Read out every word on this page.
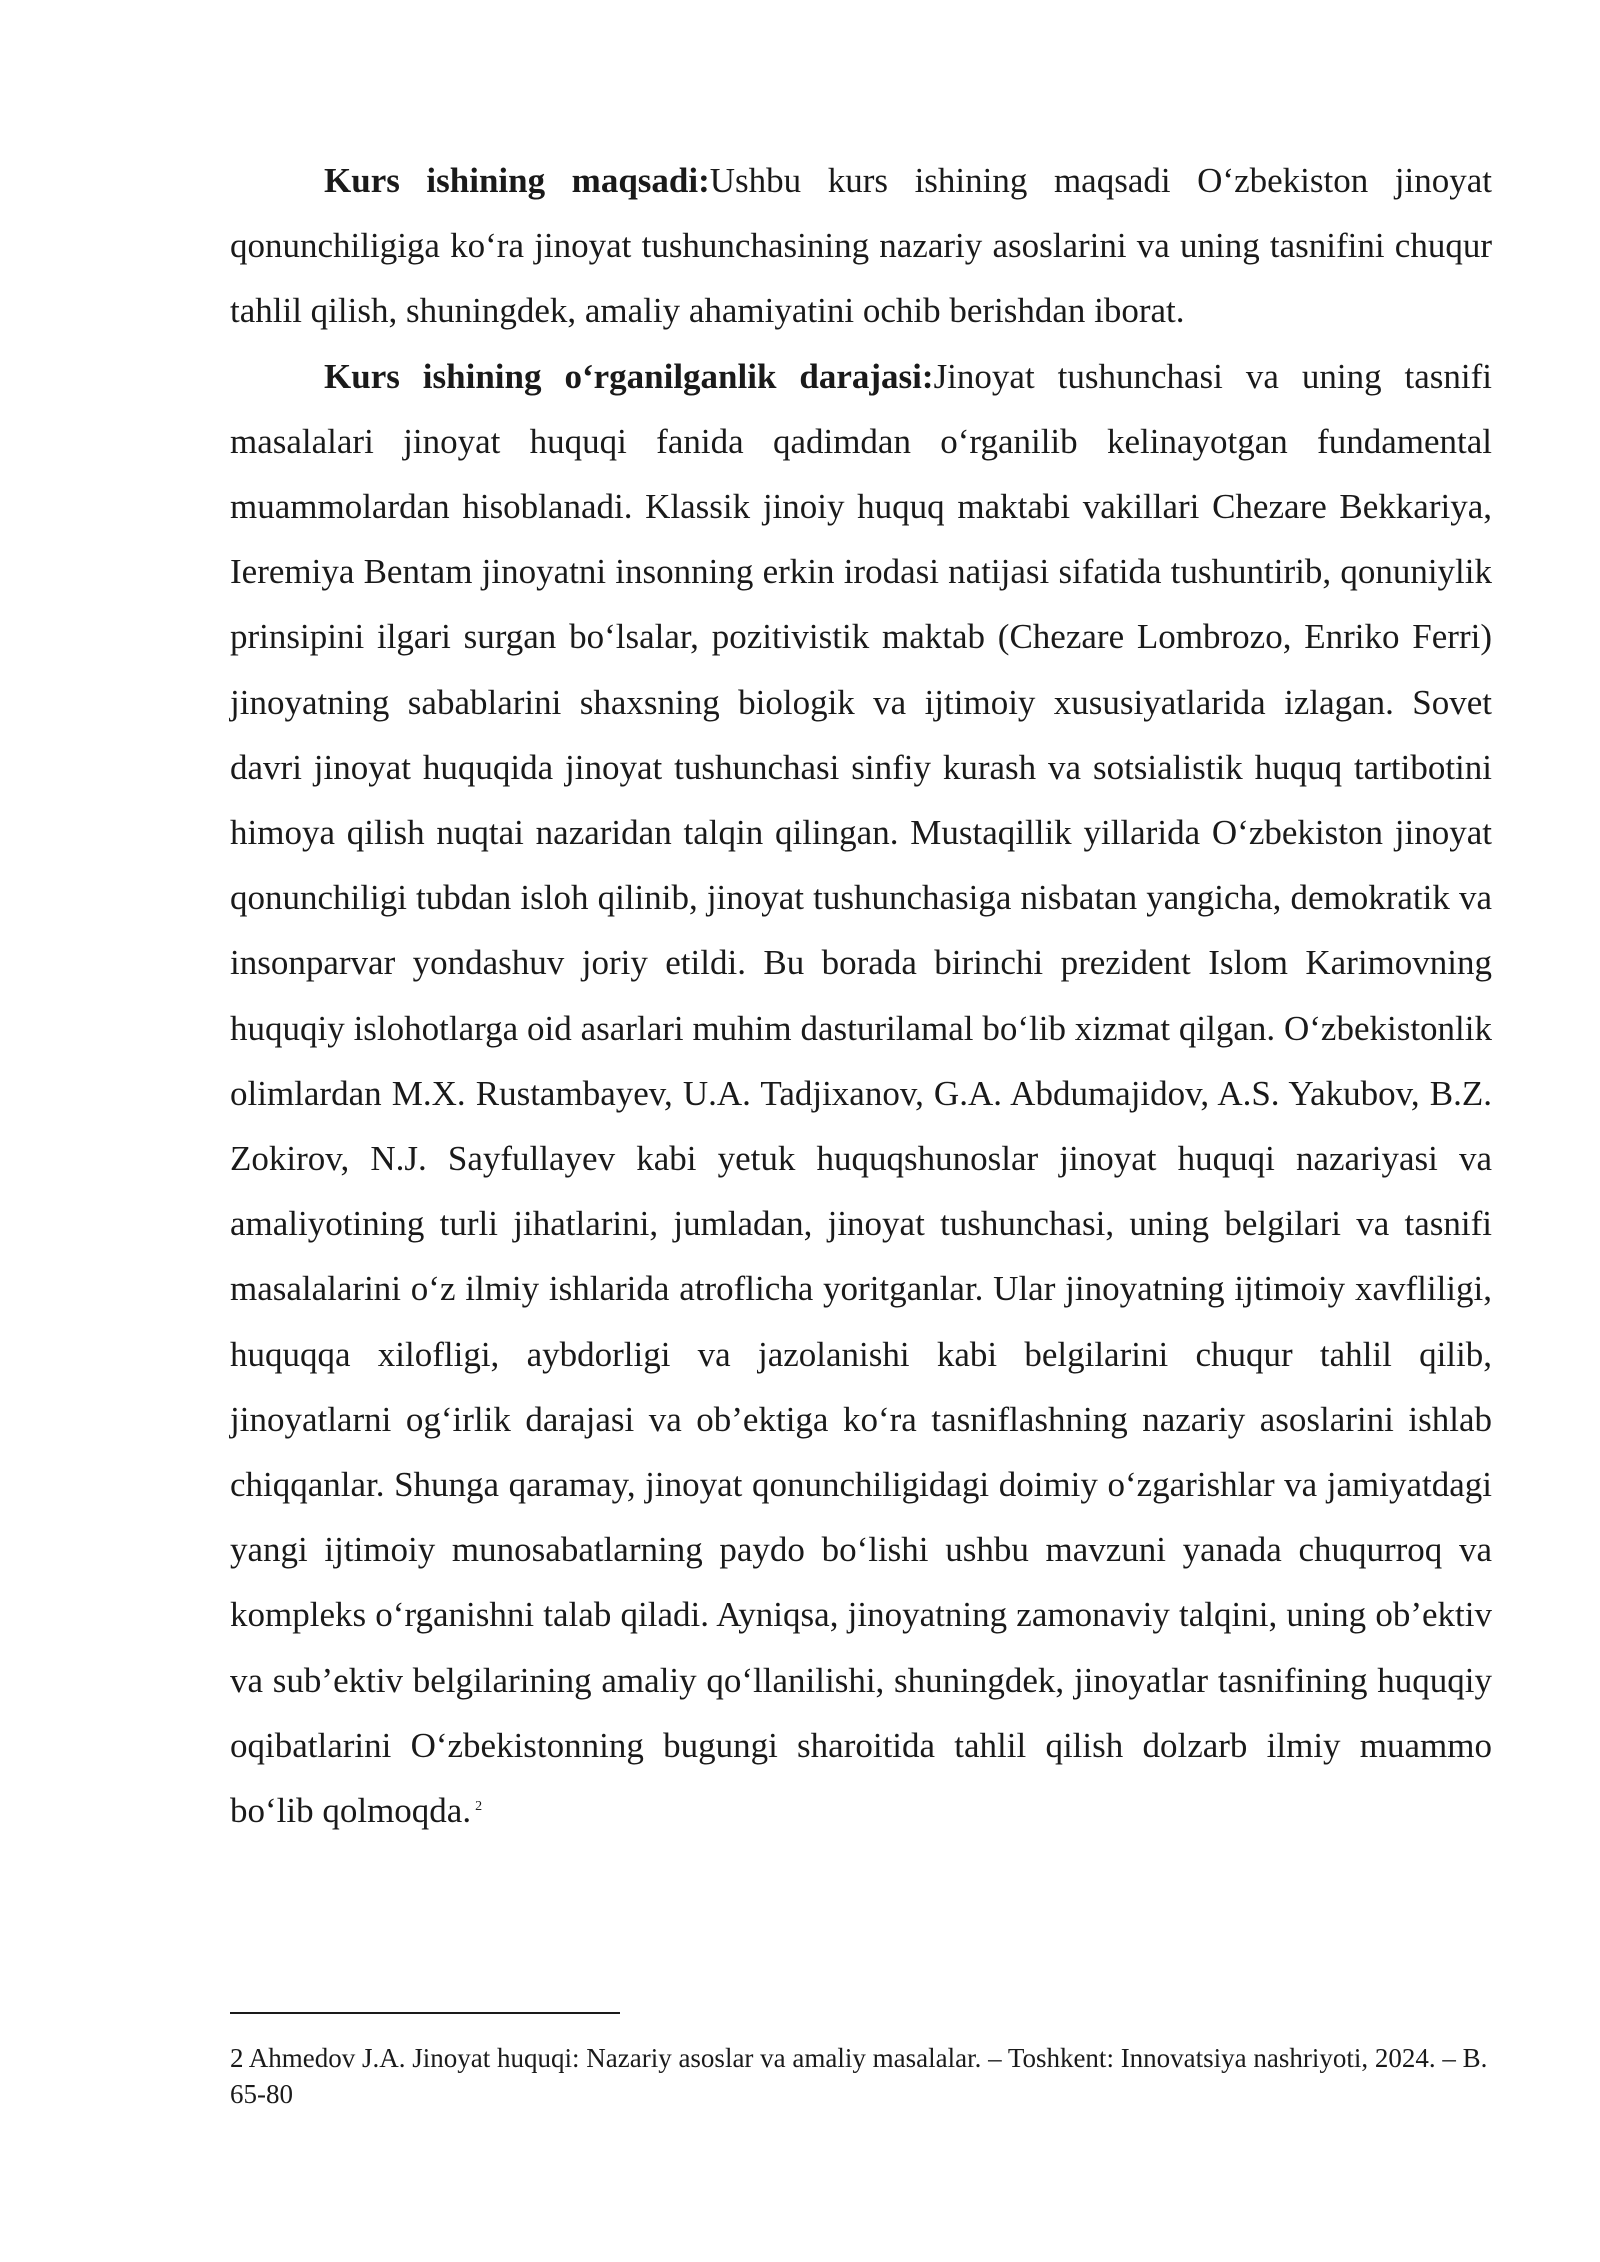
Kurs ishining maqsadi:Ushbu kurs ishining maqsadi O‘zbekiston jinoyat qonunchiligiga ko‘ra jinoyat tushunchasining nazariy asoslarini va uning tasnifini chuqur tahlil qilish, shuningdek, amaliy ahamiyatini ochib berishdan iborat.

Kurs ishining o‘rganilganlik darajasi:Jinoyat tushunchasi va uning tasnifi masalalari jinoyat huquqi fanida qadimdan o‘rganilib kelinayotgan fundamental muammolardan hisoblanadi. Klassik jinoiy huquq maktabi vakillari Chezare Bekkariya, Ieremiya Bentam jinoyatni insonning erkin irodasi natijasi sifatida tushuntirib, qonuniylik prinsipini ilgari surgan bo‘lsalar, pozitivistik maktab (Chezare Lombrozo, Enriko Ferri) jinoyatning sabablarini shaxsning biologik va ijtimoiy xususiyatlarida izlagan. Sovet davri jinoyat huquqida jinoyat tushunchasi sinfiy kurash va sotsialistik huquq tartibotini himoya qilish nuqtai nazaridan talqin qilingan. Mustaqillik yillarida O‘zbekiston jinoyat qonunchiligi tubdan isloh qilinib, jinoyat tushunchasiga nisbatan yangicha, demokratik va insonparvar yondashuv joriy etildi. Bu borada birinchi prezident Islom Karimovning huquqiy islohotlarga oid asarlari muhim dasturilamal bo‘lib xizmat qilgan. O‘zbekistonlik olimlardan M.X. Rustambayev, U.A. Tadjixanov, G.A. Abdumajidov, A.S. Yakubov, B.Z. Zokirov, N.J. Sayfullayev kabi yetuk huquqshunoslar jinoyat huquqi nazariyasi va amaliyotining turli jihatlarini, jumladan, jinoyat tushunchasi, uning belgilari va tasnifi masalalarini o‘z ilmiy ishlarida atroflicha yoritganlar. Ular jinoyatning ijtimoiy xavfliligi, huquqqa xilofligi, aybdorligi va jazolanishi kabi belgilarini chuqur tahlil qilib, jinoyatlarni og‘irlik darajasi va ob’ektiga ko‘ra tasniflashning nazariy asoslarini ishlab chiqqanlar. Shunga qaramay, jinoyat qonunchiligidagi doimiy o‘zgarishlar va jamiyatdagi yangi ijtimoiy munosabatlarning paydo bo‘lishi ushbu mavzuni yanada chuqurroq va kompleks o‘rganishni talab qiladi. Ayniqsa, jinoyatning zamonaviy talqini, uning ob’ektiv va sub’ektiv belgilarining amaliy qo‘llanilishi, shuningdek, jinoyatlar tasnifining huquqiy oqibatlarini O‘zbekistonning bugungi sharoitida tahlil qilish dolzarb ilmiy muammo bo‘lib qolmoqda. $^2$

2 Ahmedov J.A. Jinoyat huquqi: Nazariy asoslar va amaliy masalalar. – Toshkent: Innovatsiya nashriyoti, 2024. – B. 65-80
